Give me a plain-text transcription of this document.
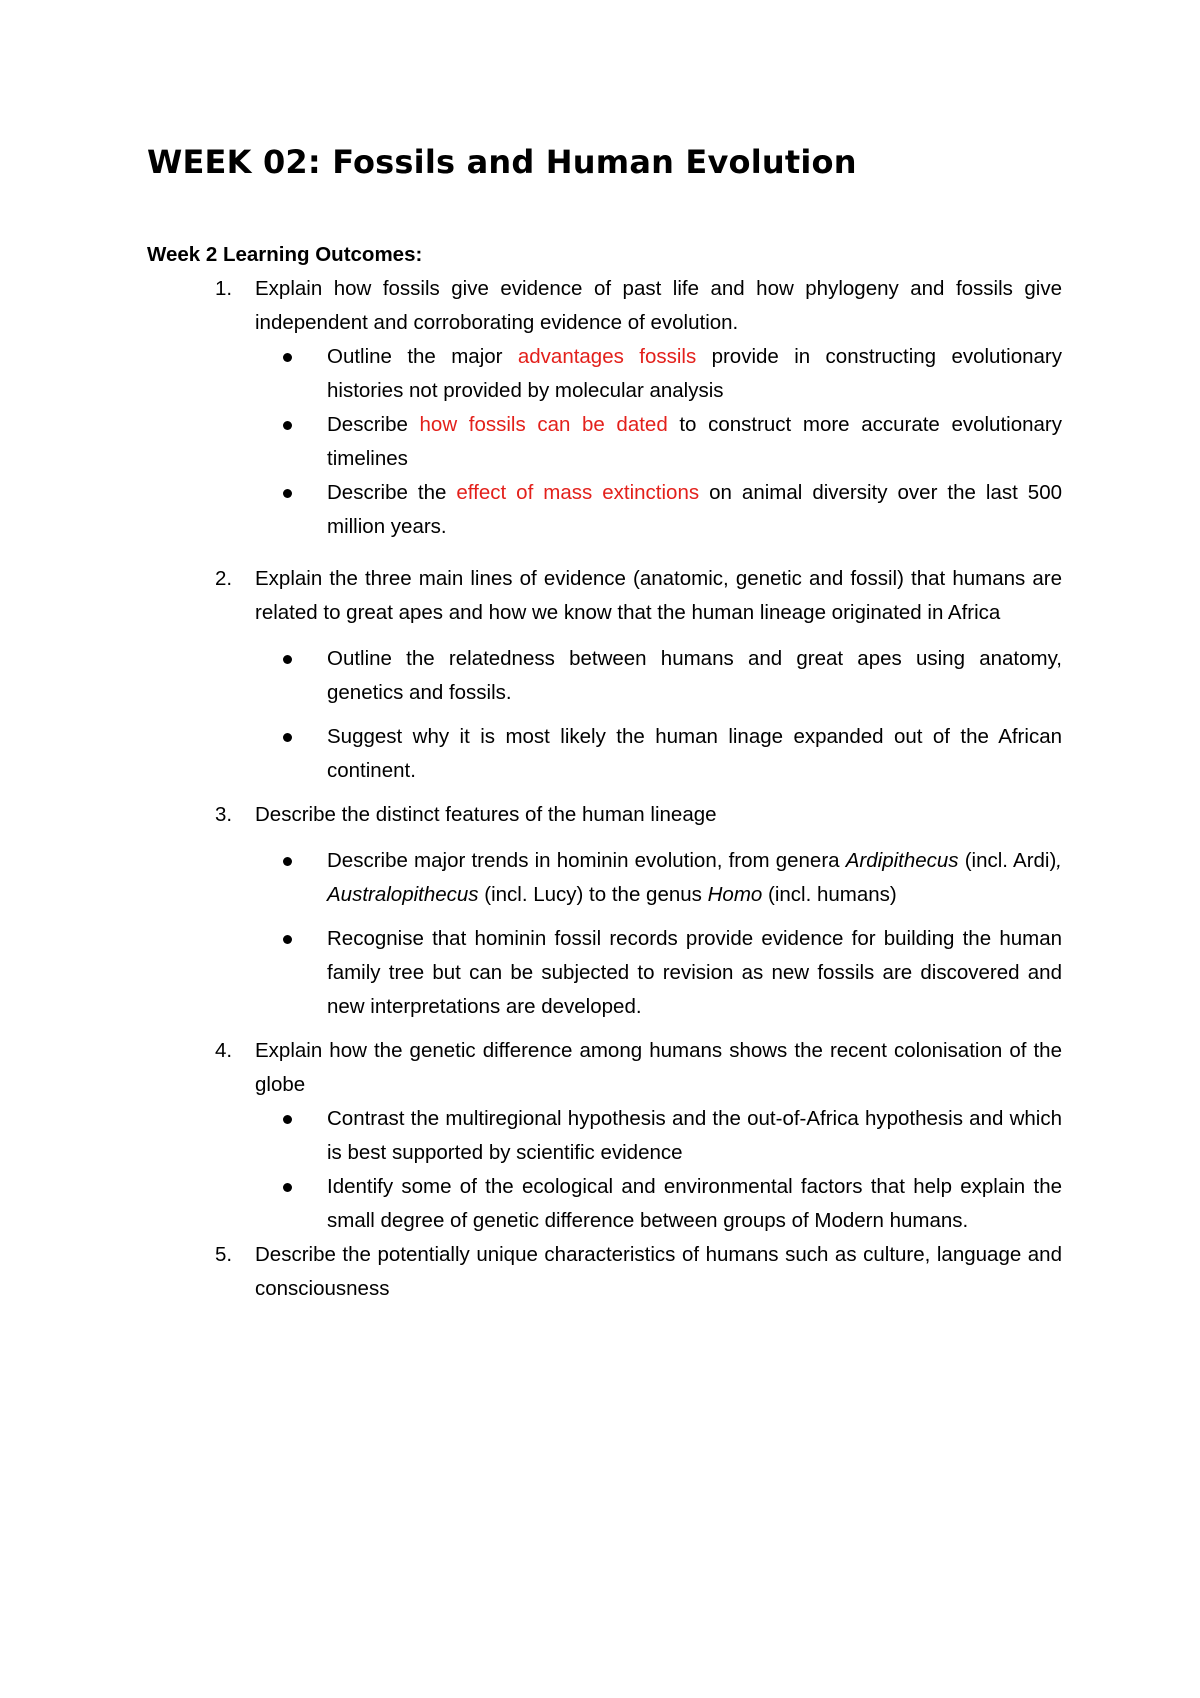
WEEK 02: Fossils and Human Evolution

Week 2 Learning Outcomes:

1. Explain how fossils give evidence of past life and how phylogeny and fossils give independent and corroborating evidence of evolution.

Outline the major advantages fossils provide in constructing evolutionary histories not provided by molecular analysis

Describe how fossils can be dated to construct more accurate evolutionary timelines

Describe the effect of mass extinctions on animal diversity over the last 500 million years.

2. Explain the three main lines of evidence (anatomic, genetic and fossil) that humans are related to great apes and how we know that the human lineage originated in Africa

Outline the relatedness between humans and great apes using anatomy, genetics and fossils.

Suggest why it is most likely the human linage expanded out of the African continent.

3. Describe the distinct features of the human lineage

Describe major trends in hominin evolution, from genera Ardipithecus (incl. Ardi), Australopithecus (incl. Lucy) to the genus Homo (incl. humans)

Recognise that hominin fossil records provide evidence for building the human family tree but can be subjected to revision as new fossils are discovered and new interpretations are developed.

4. Explain how the genetic difference among humans shows the recent colonisation of the globe

Contrast the multiregional hypothesis and the out-of-Africa hypothesis and which is best supported by scientific evidence

Identify some of the ecological and environmental factors that help explain the small degree of genetic difference between groups of Modern humans.

5. Describe the potentially unique characteristics of humans such as culture, language and consciousness
